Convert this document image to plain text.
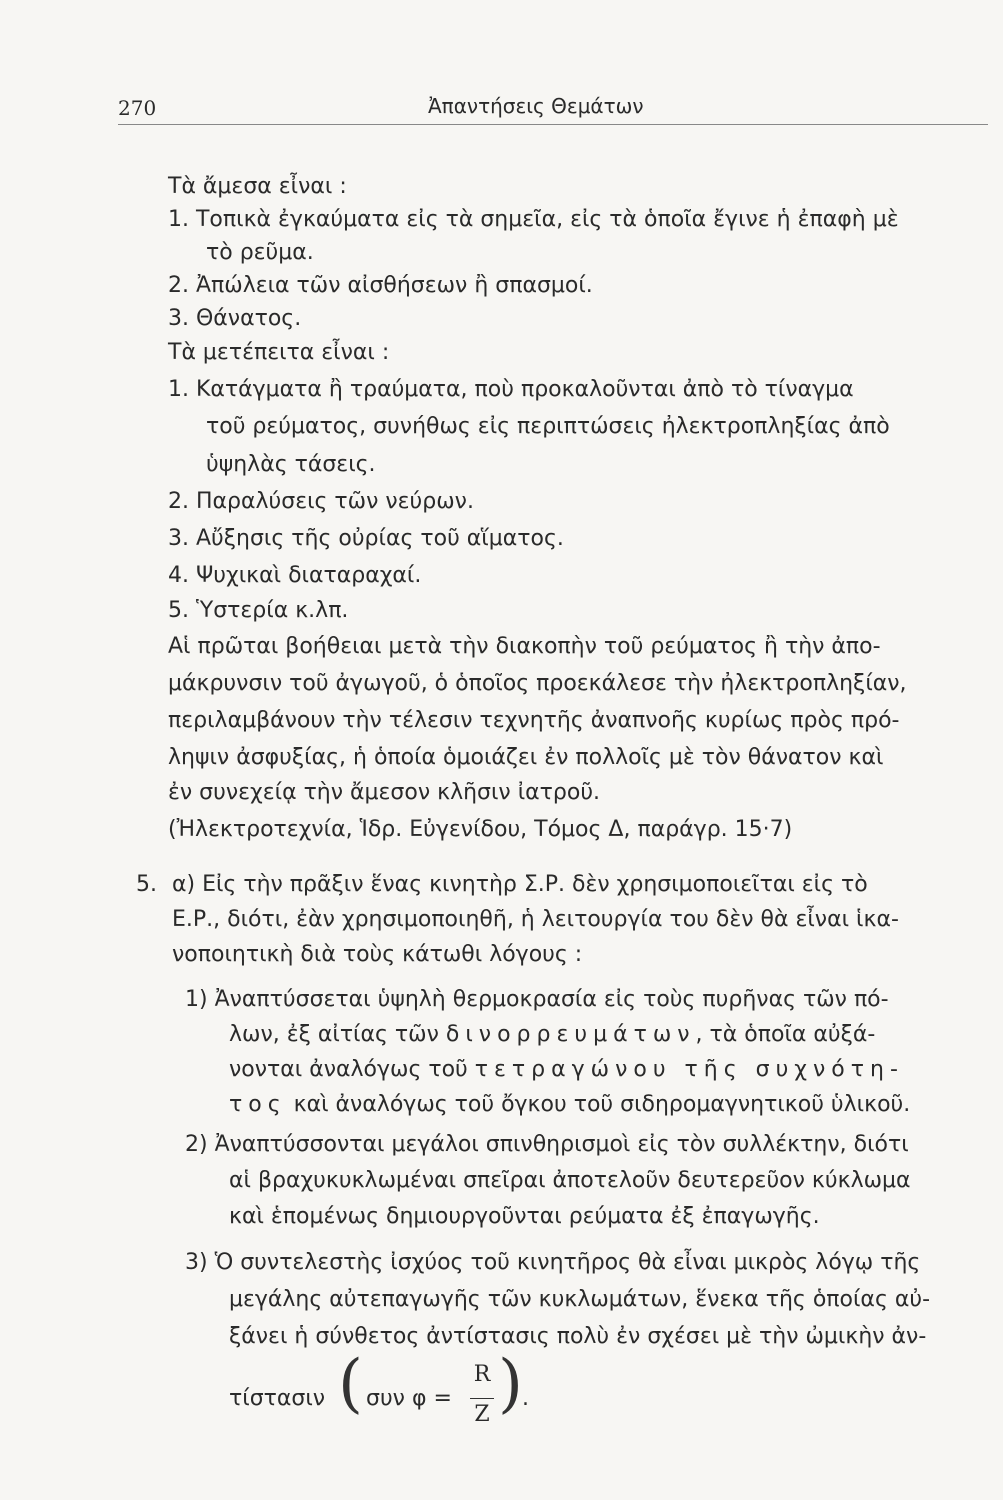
270	Ἀπαντήσεις Θεμάτων
Τὰ ἄμεσα εἶναι :
1. Τοπικὰ ἐγκαύματα εἰς τὰ σημεῖα, εἰς τὰ ὁποῖα ἔγινε ἡ ἐπαφὴ μὲ
τὸ ρεῦμα.
2. Ἀπώλεια τῶν αἰσθήσεων ἢ σπασμοί.
3. Θάνατος.
Τὰ μετέπειτα εἶναι :
1. Κατάγματα ἢ τραύματα, ποὺ προκαλοῦνται ἀπὸ τὸ τίναγμα
τοῦ ρεύματος, συνήθως εἰς περιπτώσεις ἠλεκτροπληξίας ἀπὸ
ὑψηλὰς τάσεις.
2. Παραλύσεις τῶν νεύρων.
3. Αὔξησις τῆς οὐρίας τοῦ αἵματος.
4. Ψυχικαὶ διαταραχαί.
5. Ὑστερία κ.λπ.
Αἱ πρῶται βοήθειαι μετὰ τὴν διακοπὴν τοῦ ρεύματος ἢ τὴν ἀπο-
μάκρυνσιν τοῦ ἀγωγοῦ, ὁ ὁποῖος προεκάλεσε τὴν ἠλεκτροπληξίαν,
περιλαμβάνουν τὴν τέλεσιν τεχνητῆς ἀναπνοῆς κυρίως πρὸς πρό-
ληψιν ἀσφυξίας, ἡ ὁποία ὁμοιάζει ἐν πολλοῖς μὲ τὸν θάνατον καὶ
ἐν συνεχείᾳ τὴν ἄμεσον κλῆσιν ἰατροῦ.
(Ἠλεκτροτεχνία, Ἱδρ. Εὐγενίδου, Τόμος Δ, παράγρ. 15·7)
5. α) Εἰς τὴν πρᾶξιν ἕνας κινητὴρ Σ.Ρ. δὲν χρησιμοποιεῖται εἰς τὸ
Ε.Ρ., διότι, ἐὰν χρησιμοποιηθῆ, ἡ λειτουργία του δὲν θὰ εἶναι ἱκα-
νοποιητικὴ διὰ τοὺς κάτωθι λόγους :
1) Ἀναπτύσσεται ὑψηλὴ θερμοκρασία εἰς τοὺς πυρῆνας τῶν πό-
λων, ἐξ αἰτίας τῶν δινορρευμάτων, τὰ ὁποῖα αὐξά-
νονται ἀναλόγως τοῦ τετραγώνου τῆς συχνότη-
τος καὶ ἀναλόγως τοῦ ὄγκου τοῦ σιδηρομαγνητικοῦ ὑλικοῦ.
2) Ἀναπτύσσονται μεγάλοι σπινθηρισμοὶ εἰς τὸν συλλέκτην, διότι
αἱ βραχυκυκλωμέναι σπεῖραι ἀποτελοῦν δευτερεῦον κύκλωμα
καὶ ἑπομένως δημιουργοῦνται ρεύματα ἐξ ἐπαγωγῆς.
3) Ὁ συντελεστὴς ἰσχύος τοῦ κινητῆρος θὰ εἶναι μικρὸς λόγῳ τῆς
μεγάλης αὐτεπαγωγῆς τῶν κυκλωμάτων, ἕνεκα τῆς ὁποίας αὐ-
ξάνει ἡ σύνθετος ἀντίστασις πολὺ ἐν σχέσει μὲ τὴν ὠμικὴν ἀν-
τίστασιν ( συν φ =
R
Z ) .
